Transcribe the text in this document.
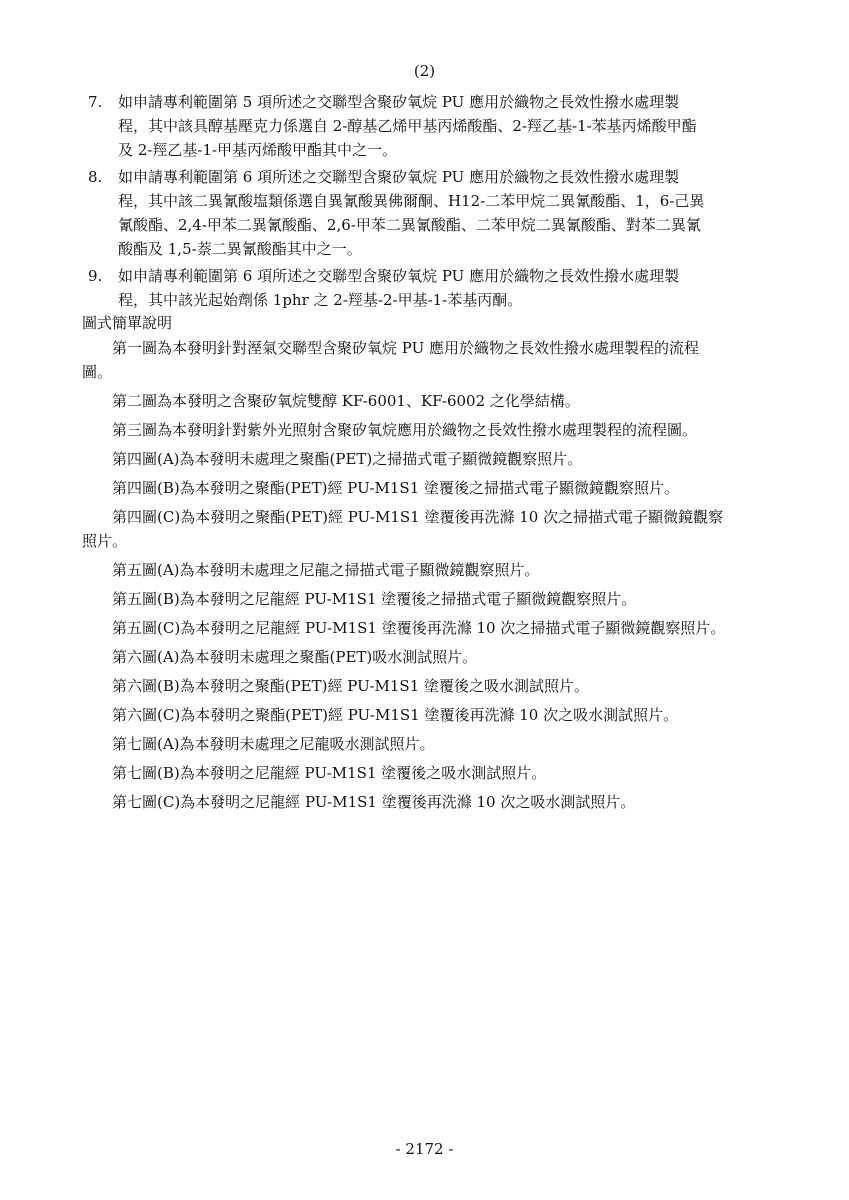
(2)
7.	如申請專利範圍第 5 項所述之交聯型含聚矽氧烷 PU 應用於織物之長效性撥水處理製
程，其中該具醇基壓克力係選自 2-醇基乙烯甲基丙烯酸酯、2-羥乙基-1-苯基丙烯酸甲酯
及 2-羥乙基-1-甲基丙烯酸甲酯其中之一。
8.	如申請專利範圍第 6 項所述之交聯型含聚矽氧烷 PU 應用於織物之長效性撥水處理製
程，其中該二異氰酸塩類係選自異氰酸異佛爾酮、H12-二苯甲烷二異氰酸酯、1，6-己異
氰酸酯、2,4-甲苯二異氰酸酯、2,6-甲苯二異氰酸酯、二苯甲烷二異氰酸酯、對苯二異氰
酸酯及 1,5-萘二異氰酸酯其中之一。
9.	如申請專利範圍第 6 項所述之交聯型含聚矽氧烷 PU 應用於織物之長效性撥水處理製
程，其中該光起始劑係 1phr 之 2-羥基-2-甲基-1-苯基丙酮。
圖式簡單說明
第一圖為本發明針對溼氣交聯型含聚矽氧烷 PU 應用於織物之長效性撥水處理製程的流程
圖。
第二圖為本發明之含聚矽氧烷雙醇 KF-6001、KF-6002 之化學結構。
第三圖為本發明針對紫外光照射含聚矽氧烷應用於織物之長效性撥水處理製程的流程圖。
第四圖(A)為本發明未處理之聚酯(PET)之掃描式電子顯微鏡觀察照片。
第四圖(B)為本發明之聚酯(PET)經 PU-M1S1 塗覆後之掃描式電子顯微鏡觀察照片。
第四圖(C)為本發明之聚酯(PET)經 PU-M1S1 塗覆後再洗滌 10 次之掃描式電子顯微鏡觀察
照片。
第五圖(A)為本發明未處理之尼龍之掃描式電子顯微鏡觀察照片。
第五圖(B)為本發明之尼龍經 PU-M1S1 塗覆後之掃描式電子顯微鏡觀察照片。
第五圖(C)為本發明之尼龍經 PU-M1S1 塗覆後再洗滌 10 次之掃描式電子顯微鏡觀察照片。
第六圖(A)為本發明未處理之聚酯(PET)吸水測試照片。
第六圖(B)為本發明之聚酯(PET)經 PU-M1S1 塗覆後之吸水測試照片。
第六圖(C)為本發明之聚酯(PET)經 PU-M1S1 塗覆後再洗滌 10 次之吸水測試照片。
第七圖(A)為本發明未處理之尼龍吸水測試照片。
第七圖(B)為本發明之尼龍經 PU-M1S1 塗覆後之吸水測試照片。
第七圖(C)為本發明之尼龍經 PU-M1S1 塗覆後再洗滌 10 次之吸水測試照片。
- 2172 -
